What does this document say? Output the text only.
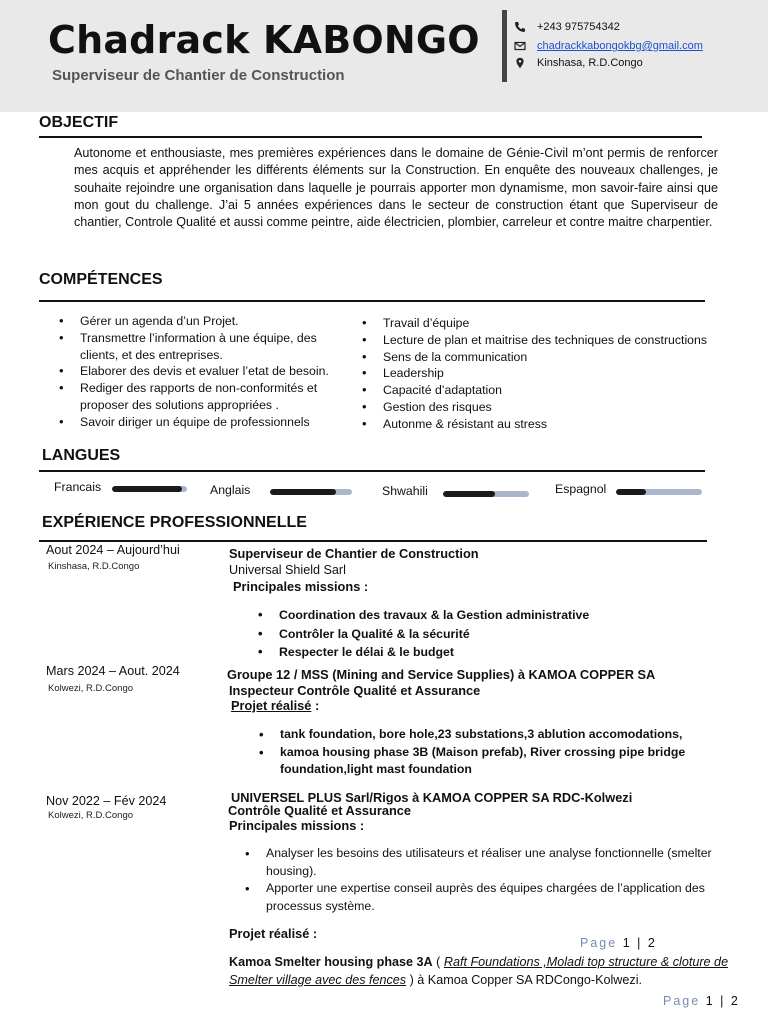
Chadrack KABONGO
Superviseur de Chantier de Construction
+243 975754342
chadrackkabongokbg@gmail.com
Kinshasa, R.D.Congo
OBJECTIF
Autonome et enthousiaste, mes premières expériences dans le domaine de Génie-Civil m’ont permis de renforcer mes acquis et appréhender les différents éléments sur la Construction. En enquête des nouveaux challenges, je souhaite rejoindre une organisation dans laquelle je pourrais apporter mon dynamisme, mon savoir-faire ainsi que mon gout du challenge. J’ai 5 années expériences dans le secteur de construction étant que Superviseur de chantier, Controle Qualité et aussi comme peintre, aide électricien, plombier, carreleur et contre maitre charpentier.
COMPÉTENCES
• Gérer un agenda d’un Projet.
• Transmettre l’information à une équipe, des clients, et des entreprises.
• Elaborer des devis et evaluer l’etat de besoin.
• Rediger des rapports de non-conformités et proposer des solutions appropriées .
• Savoir diriger un équipe de professionnels
• Travail d’équipe
• Lecture de plan et maitrise des techniques de constructions
• Sens de la communication
• Leadership
• Capacité d’adaptation
• Gestion des risques
• Autonme & résistant au stress
LANGUES
Francais	Anglais	Shwahili	Espagnol
EXPÉRIENCE PROFESSIONNELLE
Aout 2024 – Aujourd’hui
Kinshasa, R.D.Congo
Superviseur de Chantier de Construction
Universal Shield Sarl
Principales missions :
• Coordination des travaux & la Gestion administrative
• Contrôler la Qualité & la sécurité
• Respecter le délai & le budget
Mars 2024 – Aout. 2024
Kolwezi, R.D.Congo
Groupe 12 / MSS (Mining and Service Supplies) à KAMOA COPPER SA
Inspecteur Contrôle Qualité et Assurance
Projet réalisé :
• tank foundation, bore hole,23 substations,3 ablution accomodations,
• kamoa housing phase 3B (Maison prefab), River crossing pipe bridge foundation,light mast foundation
Nov 2022 – Fév 2024
Kolwezi, R.D.Congo
UNIVERSEL PLUS Sarl/Rigos à KAMOA COPPER SA RDC-Kolwezi
Contrôle Qualité et Assurance
Principales missions :
• Analyser les besoins des utilisateurs et réaliser une analyse fonctionnelle (smelter housing).
• Apporter une expertise conseil auprès des équipes chargées de l’application des processus système.
Projet réalisé :
Kamoa Smelter housing phase 3A ( Raft Foundations ,Moladi top structure & cloture de Smelter village avec des fences ) à Kamoa Copper SA RDCongo-Kolwezi.
Page 1 | 2
Page 1 | 2
